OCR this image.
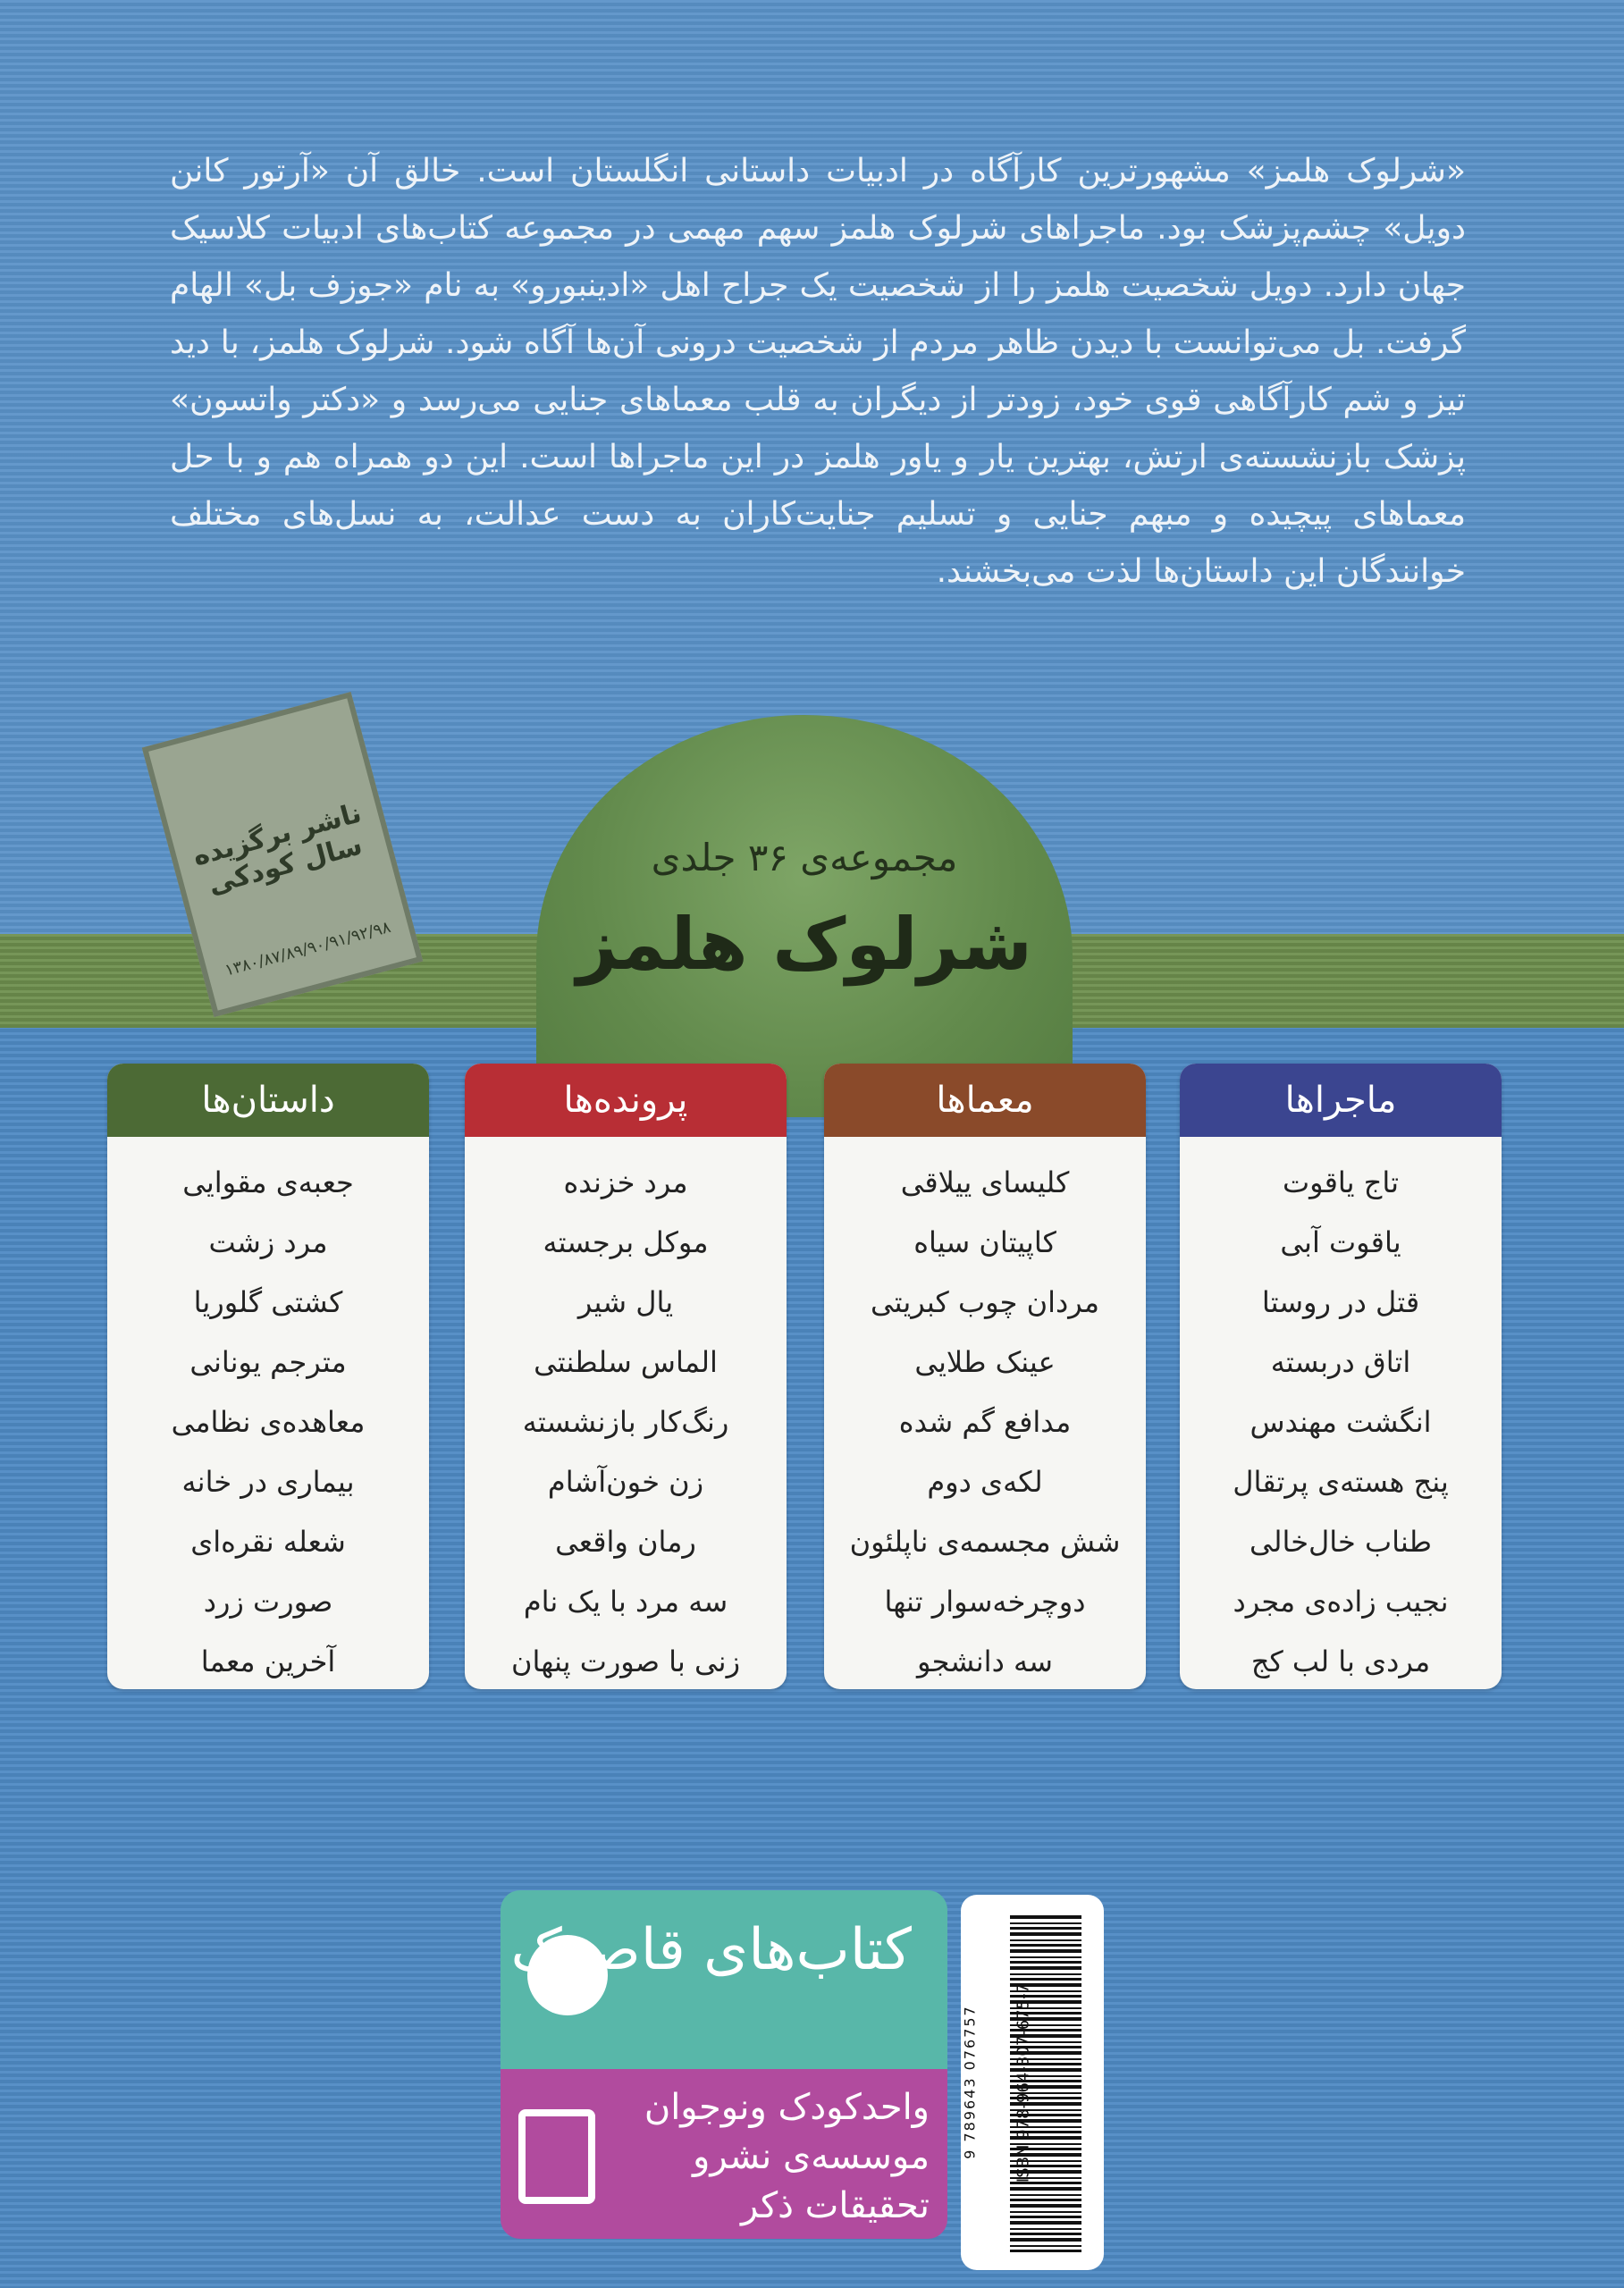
«شرلوک هلمز» مشهورترین کارآگاه در ادبیات داستانی انگلستان است. خالق آن «آرتور کانن دویل» چشم‌پزشک بود. ماجراهای شرلوک هلمز سهم مهمی در مجموعه کتاب‌های ادبیات کلاسیک جهان دارد. دویل شخصیت هلمز را از شخصیت یک جراح اهل «ادینبورو» به نام «جوزف بل» الهام گرفت. بل می‌توانست با دیدن ظاهر مردم از شخصیت درونی آن‌ها آگاه شود. شرلوک هلمز، با دید تیز و شم کارآگاهی قوی خود، زودتر از دیگران به قلب معماهای جنایی می‌رسد و «دکتر واتسون» پزشک بازنشسته‌ی ارتش، بهترین یار و یاور هلمز در این ماجراها است. این دو همراه هم و با حل معماهای پیچیده و مبهم جنایی و تسلیم جنایت‌کاران به دست عدالت، به نسل‌های مختلف خوانندگان این داستان‌ها لذت می‌بخشند.

مجموعه‌ی ۳۶ جلدی
شرلوک هلمز
ناشر برگزیده سال کودکی
۱۳۸۰/۸۷/۸۹/۹۰/۹۱/۹۲/۹۸
ماجراها
تاج یاقوت
یاقوت آبی
قتل در روستا
اتاق دربسته
انگشت مهندس
پنج هسته‌ی پرتقال
طناب خال‌خالی
نجیب زاده‌ی مجرد
مردی با لب کج
معماها
کلیسای ییلاقی
کاپیتان سیاه
مردان چوب کبریتی
عینک طلایی
مدافع گم شده
لکه‌ی دوم
شش مجسمه‌ی ناپلئون
دوچرخه‌سوار تنها
سه دانشجو
پرونده‌ها
مرد خزنده
موکل برجسته
یال شیر
الماس سلطنتی
رنگ‌کار بازنشسته
زن خون‌آشام
رمان واقعی
سه مرد با یک نام
زنی با صورت پنهان
داستان‌ها
جعبه‌ی مقوایی
مرد زشت
کشتی گلوریا
مترجم یونانی
معاهده‌ی نظامی
بیماری در خانه
شعله نقره‌ای
صورت زرد
آخرین معما
کتاب‌های قاصدک
واحدکودک ونوجوان
موسسه‌ی نشرو
تحقیقات ذکر
ISBN 978-964-307-675-7
9 789643 076757
